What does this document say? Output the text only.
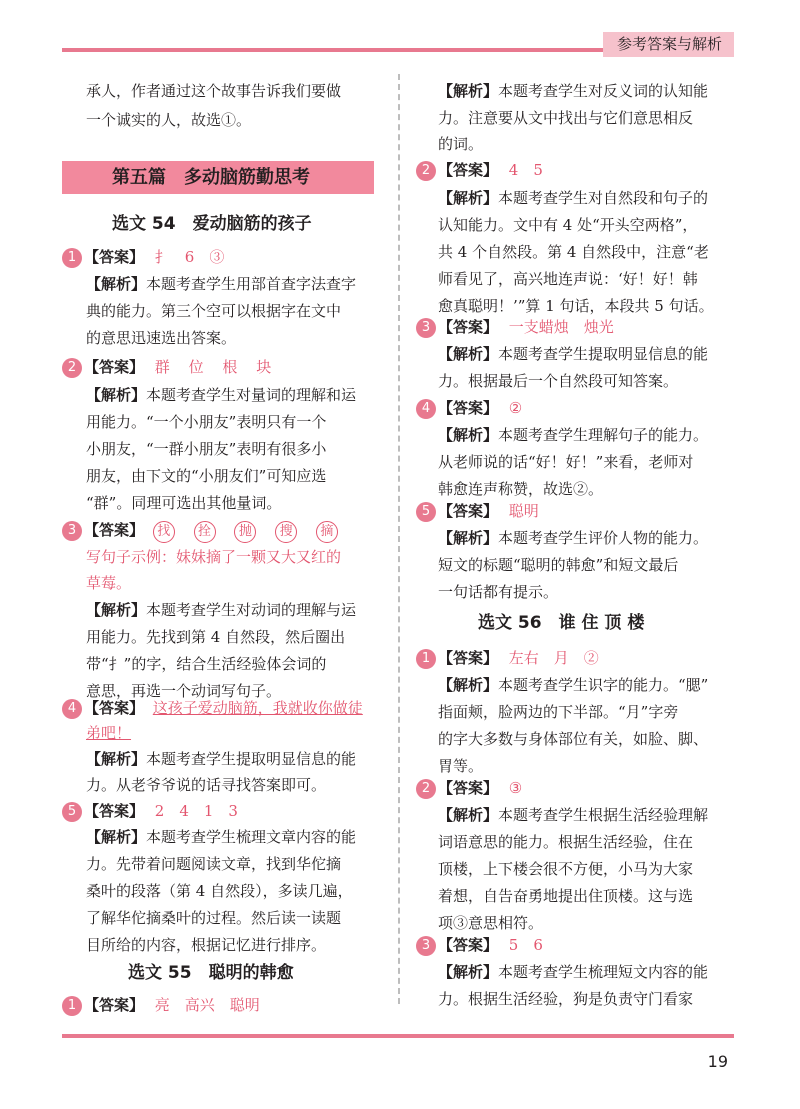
参考答案与解析
承人，作者通过这个故事告诉我们要做
一个诚实的人，故选①。
第五篇　多动脑筋勤思考
选文 54　爱动脑筋的孩子
1 【答案】 扌　6　③
【解析】本题考查学生用部首查字法查字
典的能力。第三个空可以根据字在文中
的意思迅速选出答案。
2 【答案】 群 位 根 块
【解析】本题考查学生对量词的理解和运
用能力。“一个小朋友”表明只有一个
小朋友，“一群小朋友”表明有很多小
朋友，由下文的“小朋友们”可知应选
“群”。同理可选出其他量词。
3 【答案】 找 拴 抛 搜 摘
写句子示例：妹妹摘了一颗又大又红的
草莓。
【解析】本题考查学生对动词的理解与运
用能力。先找到第 4 自然段，然后圈出
带“扌”的字，结合生活经验体会词的
意思，再选一个动词写句子。
4 【答案】 这孩子爱动脑筋，我就收你做徒
弟吧！
【解析】本题考查学生提取明显信息的能
力。从老爷爷说的话寻找答案即可。
5 【答案】 2　4　1　3
【解析】本题考查学生梳理文章内容的能
力。先带着问题阅读文章，找到华佗摘
桑叶的段落（第 4 自然段），多读几遍，
了解华佗摘桑叶的过程。然后读一读题
目所给的内容，根据记忆进行排序。
选文 55　聪明的韩愈
1 【答案】 亮　高兴　聪明
【解析】本题考查学生对反义词的认知能
力。注意要从文中找出与它们意思相反
的词。
2 【答案】 4　5
【解析】本题考查学生对自然段和句子的
认知能力。文中有 4 处“开头空两格”，
共 4 个自然段。第 4 自然段中，注意“老
师看见了，高兴地连声说：‘好！好！韩
愈真聪明！’”算 1 句话，本段共 5 句话。
3 【答案】 一支蜡烛　烛光
【解析】本题考查学生提取明显信息的能
力。根据最后一个自然段可知答案。
4 【答案】 ②
【解析】本题考查学生理解句子的能力。
从老师说的话“好！好！”来看，老师对
韩愈连声称赞，故选②。
5 【答案】 聪明
【解析】本题考查学生评价人物的能力。
短文的标题“聪明的韩愈”和短文最后
一句话都有提示。
选文 56　谁 住 顶 楼
1 【答案】 左右　月　②
【解析】本题考查学生识字的能力。“腮”
指面颊，脸两边的下半部。“月”字旁
的字大多数与身体部位有关，如脸、脚、
胃等。
2 【答案】 ③
【解析】本题考查学生根据生活经验理解
词语意思的能力。根据生活经验，住在
顶楼，上下楼会很不方便，小马为大家
着想，自告奋勇地提出住顶楼。这与选
项③意思相符。
3 【答案】 5　6
【解析】本题考查学生梳理短文内容的能
力。根据生活经验，狗是负责守门看家
19
